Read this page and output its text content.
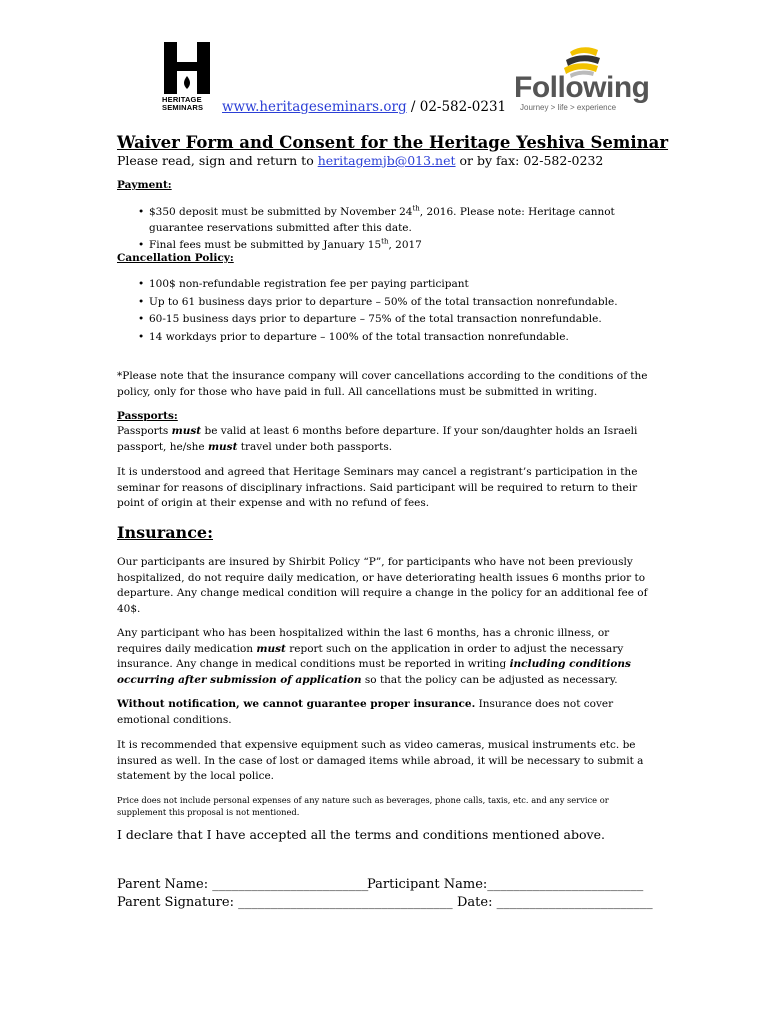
HERITAGE
SEMINARS www.heritageseminars.org / 02-582-0231
Following
Journey > life > experience
Waiver Form and Consent for the Heritage Yeshiva Seminar
Please read, sign and return to heritagemjb@013.net or by fax: 02-582-0232
Payment:
• $350 deposit must be submitted by November 24th, 2016. Please note: Heritage cannot guarantee reservations submitted after this date.
• Final fees must be submitted by January 15th, 2017
Cancellation Policy:
• 100$ non-refundable registration fee per paying participant
• Up to 61 business days prior to departure – 50% of the total transaction nonrefundable.
• 60-15 business days prior to departure – 75% of the total transaction nonrefundable.
• 14 workdays prior to departure – 100% of the total transaction nonrefundable.
*Please note that the insurance company will cover cancellations according to the conditions of the policy, only for those who have paid in full. All cancellations must be submitted in writing.
Passports:
Passports must be valid at least 6 months before departure. If your son/daughter holds an Israeli passport, he/she must travel under both passports.
It is understood and agreed that Heritage Seminars may cancel a registrant’s participation in the seminar for reasons of disciplinary infractions. Said participant will be required to return to their point of origin at their expense and with no refund of fees.
Insurance:
Our participants are insured by Shirbit Policy “P”, for participants who have not been previously hospitalized, do not require daily medication, or have deteriorating health issues 6 months prior to departure. Any change medical condition will require a change in the policy for an additional fee of 40$.
Any participant who has been hospitalized within the last 6 months, has a chronic illness, or requires daily medication must report such on the application in order to adjust the necessary insurance. Any change in medical conditions must be reported in writing including conditions occurring after submission of application so that the policy can be adjusted as necessary.
Without notification, we cannot guarantee proper insurance. Insurance does not cover emotional conditions.
It is recommended that expensive equipment such as video cameras, musical instruments etc. be insured as well. In the case of lost or damaged items while abroad, it will be necessary to submit a statement by the local police.
Price does not include personal expenses of any nature such as beverages, phone calls, taxis, etc. and any service or supplement this proposal is not mentioned.
I declare that I have accepted all the terms and conditions mentioned above.
Parent Name: ________________________
Participant Name:________________________
Parent Signature: _________________________________ Date: ________________________
